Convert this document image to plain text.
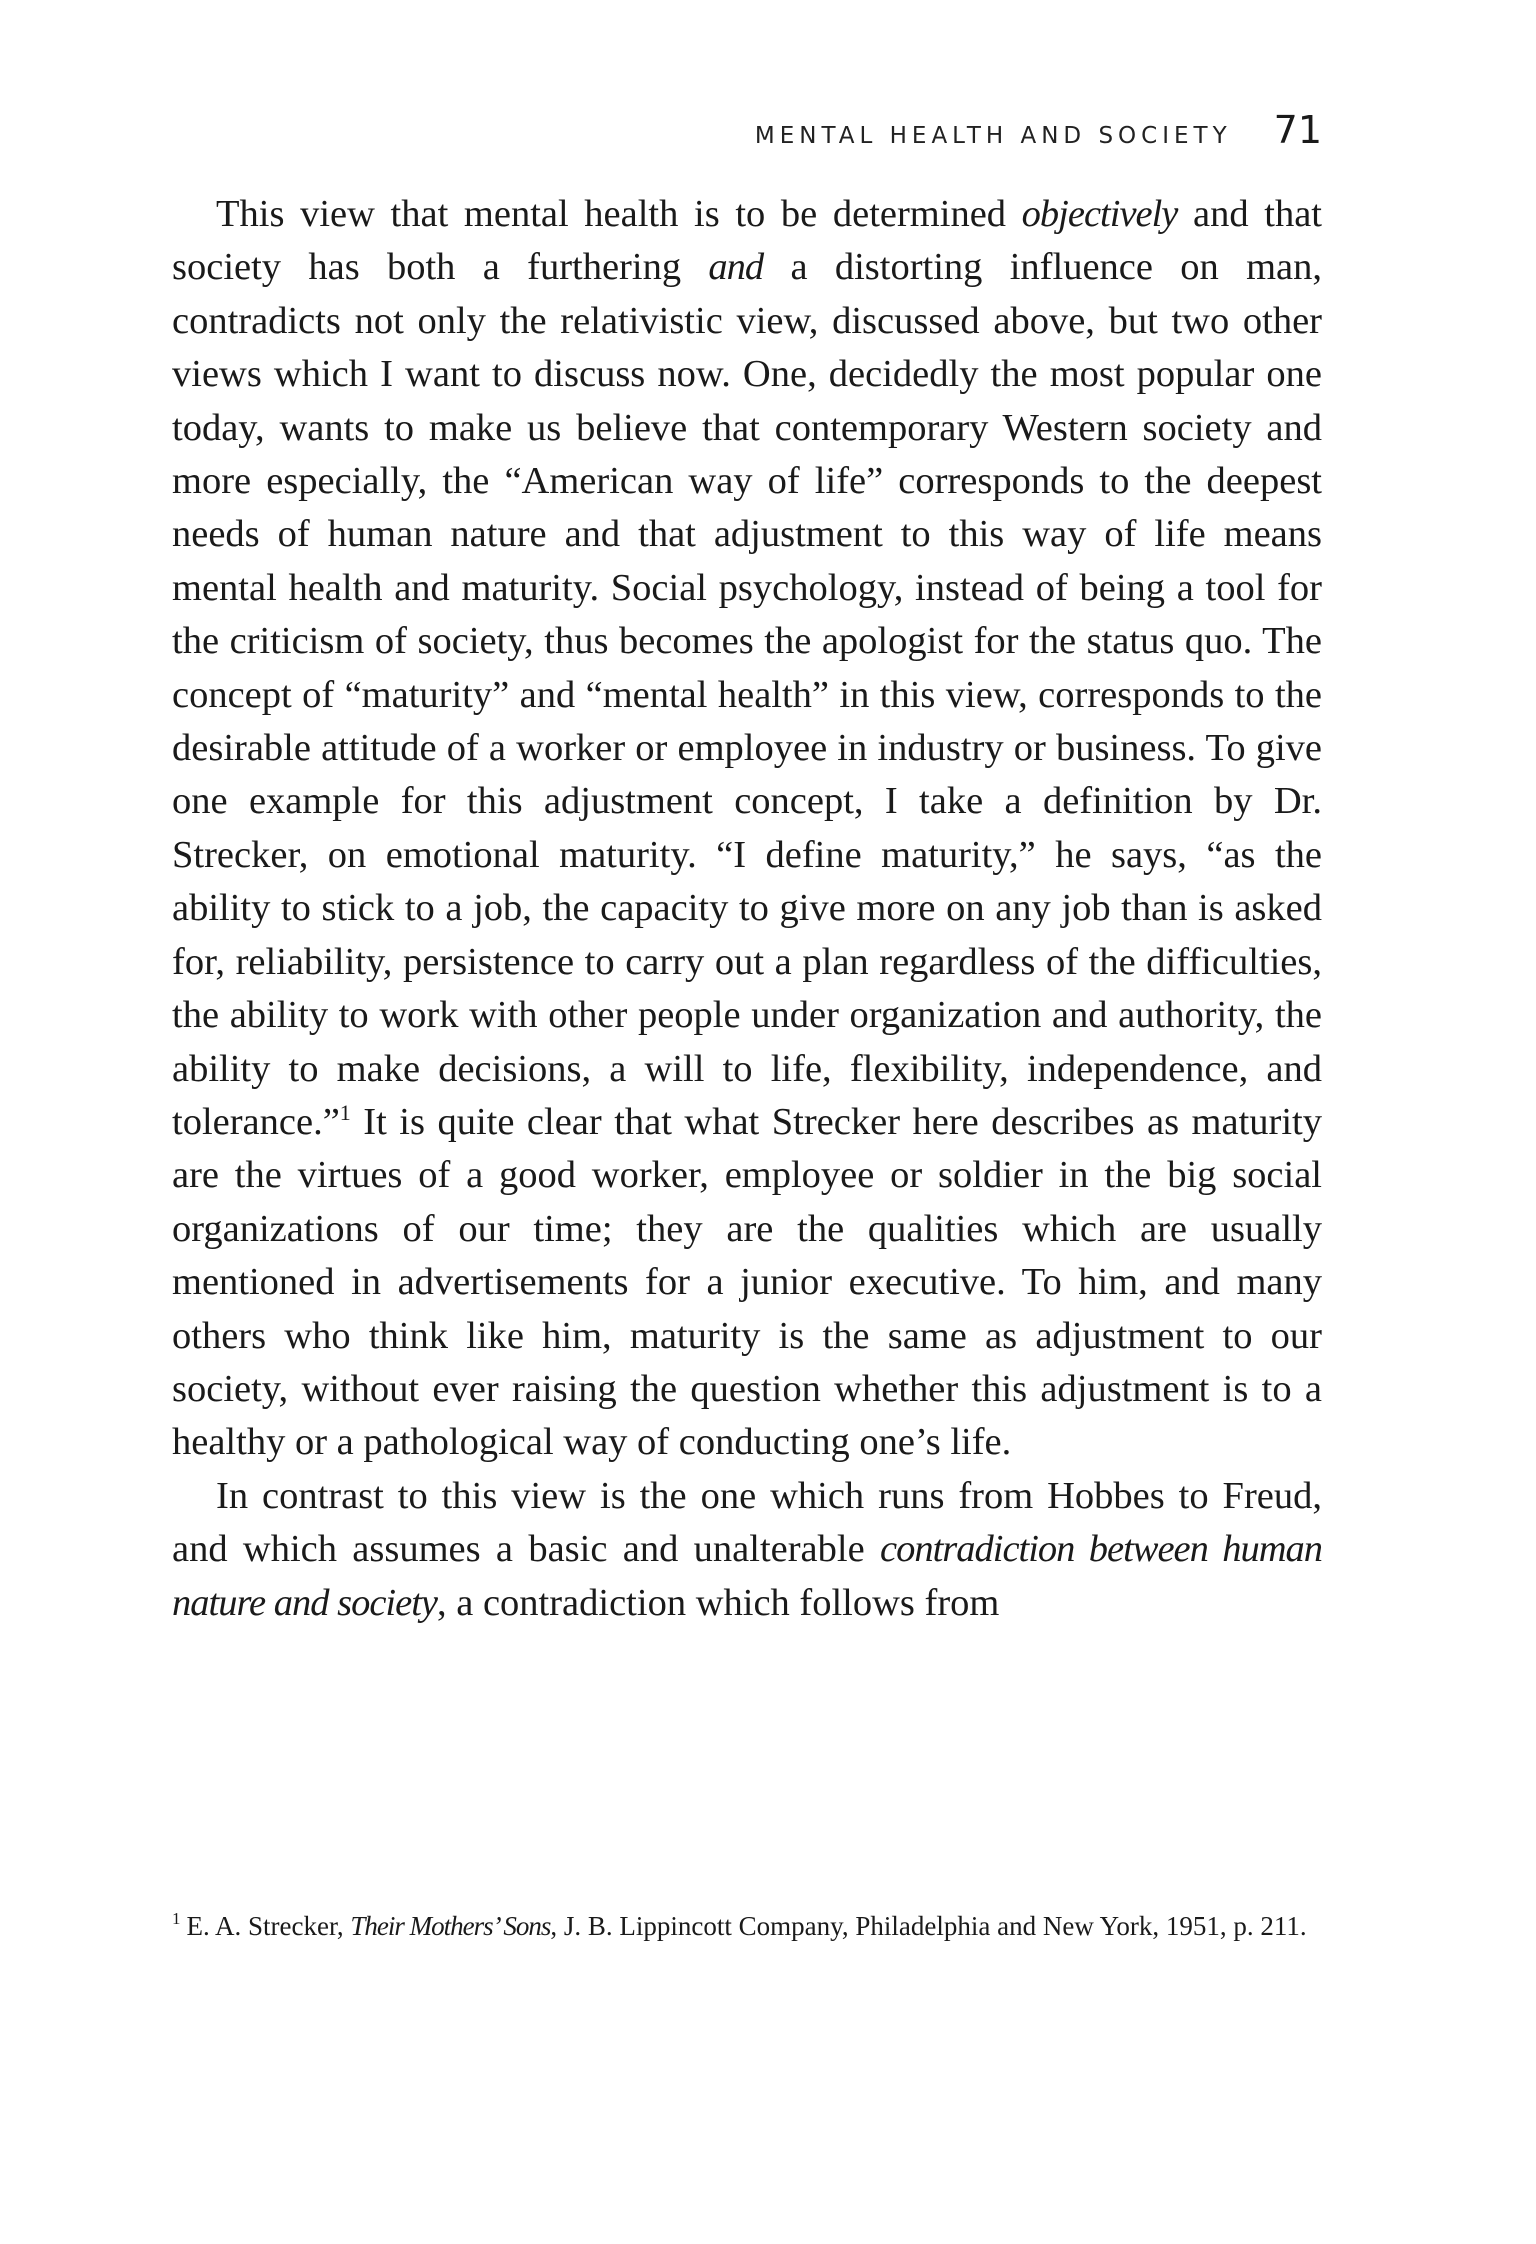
MENTAL HEALTH AND SOCIETY 71

This view that mental health is to be determined objectively and that society has both a furthering and a distorting influence on man, contradicts not only the relativistic view, discussed above, but two other views which I want to discuss now. One, decidedly the most popular one today, wants to make us believe that contemporary Western society and more especially, the “American way of life” corresponds to the deepest needs of human nature and that adjustment to this way of life means mental health and maturity. Social psychology, instead of being a tool for the criticism of society, thus becomes the apologist for the status quo. The concept of “maturity” and “mental health” in this view, corresponds to the desirable attitude of a worker or employee in industry or business. To give one example for this adjustment concept, I take a definition by Dr. Strecker, on emotional maturity. “I define maturity,” he says, “as the ability to stick to a job, the capacity to give more on any job than is asked for, reliability, persistence to carry out a plan regardless of the difficulties, the ability to work with other people under organization and authority, the ability to make decisions, a will to life, flexibility, independence, and tolerance.”$^1$ It is quite clear that what Strecker here describes as maturity are the virtues of a good worker, employee or soldier in the big social organizations of our time; they are the qualities which are usually mentioned in advertisements for a junior executive. To him, and many others who think like him, maturity is the same as adjustment to our society, without ever raising the question whether this adjustment is to a healthy or a pathological way of conducting one’s life.

In contrast to this view is the one which runs from Hobbes to Freud, and which assumes a basic and unalterable contradiction between human nature and society, a contradiction which follows from

$^1$ E. A. Strecker, Their Mothers’ Sons, J. B. Lippincott Company, Philadelphia and New York, 1951, p. 211.
